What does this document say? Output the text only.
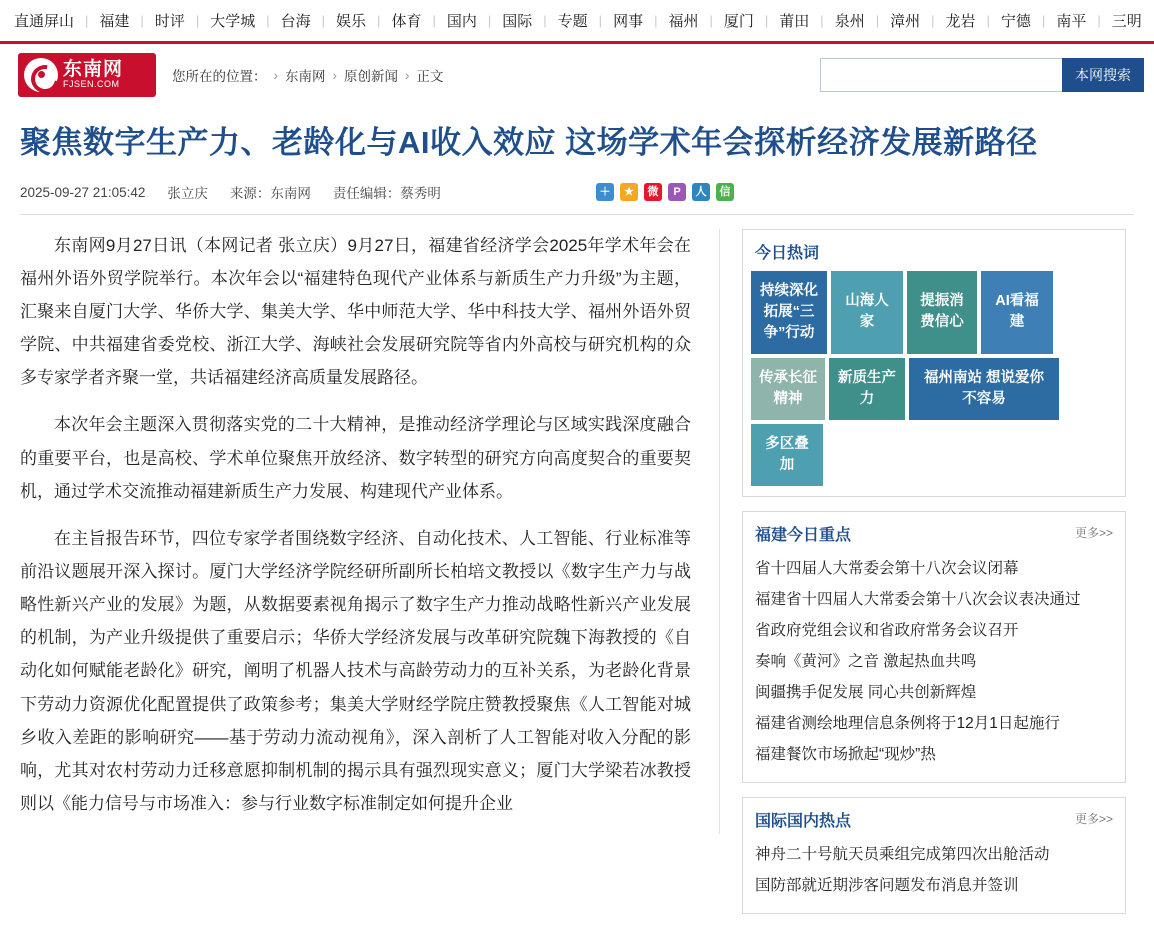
直通屏山 | 福建 | 时评 | 大学城 | 台海 | 娱乐 | 体育 | 国内 | 国际 | 专题 | 网事 | 福州 | 厦门 | 莆田 | 泉州 | 漳州 | 龙岩 | 宁德 | 南平 | 三明
东南网
FJSEN.COM
您所在的位置： › 东南网 › 原创新闻 › 正文	本网搜索
聚焦数字生产力、老龄化与AI收入效应 这场学术年会探析经济发展新路径
2025-09-27 21:05:42 张立庆 来源：东南网 责任编辑：蔡秀明	＋	★	微	P	人	信

东南网9月27日讯（本网记者 张立庆）9月27日，福建省经济学会2025年学术年会在福州外语外贸学院举行。本次年会以“福建特色现代产业体系与新质生产力升级”为主题，汇聚来自厦门大学、华侨大学、集美大学、华中师范大学、华中科技大学、福州外语外贸学院、中共福建省委党校、浙江大学、海峡社会发展研究院等省内外高校与研究机构的众多专家学者齐聚一堂，共话福建经济高质量发展路径。

本次年会主题深入贯彻落实党的二十大精神，是推动经济学理论与区域实践深度融合的重要平台，也是高校、学术单位聚焦开放经济、数字转型的研究方向高度契合的重要契机，通过学术交流推动福建新质生产力发展、构建现代产业体系。

在主旨报告环节，四位专家学者围绕数字经济、自动化技术、人工智能、行业标准等前沿议题展开深入探讨。厦门大学经济学院经研所副所长柏培文教授以《数字生产力与战略性新兴产业的发展》为题，从数据要素视角揭示了数字生产力推动战略性新兴产业发展的机制，为产业升级提供了重要启示；华侨大学经济发展与改革研究院魏下海教授的《自动化如何赋能老龄化》研究，阐明了机器人技术与高龄劳动力的互补关系，为老龄化背景下劳动力资源优化配置提供了政策参考；集美大学财经学院庄赞教授聚焦《人工智能对城乡收入差距的影响研究——基于劳动力流动视角》，深入剖析了人工智能对收入分配的影响，尤其对农村劳动力迁移意愿抑制机制的揭示具有强烈现实意义；厦门大学梁若冰教授则以《能力信号与市场准入：参与行业数字标准制定如何提升企业

今日热词
持续深化拓展“三争”行动
山海人家
提振消费信心
AI看福建
传承长征精神
新质生产力
福州南站 想说爱你不容易
多区叠加
福建今日重点	更多>>
省十四届人大常委会第十八次会议闭幕
福建省十四届人大常委会第十八次会议表决通过
省政府党组会议和省政府常务会议召开
奏响《黄河》之音 激起热血共鸣
闽疆携手促发展 同心共创新辉煌
福建省测绘地理信息条例将于12月1日起施行
福建餐饮市场掀起“现炒”热
国际国内热点	更多>>
神舟二十号航天员乘组完成第四次出舱活动
国防部就近期涉客问题发布消息并签训
